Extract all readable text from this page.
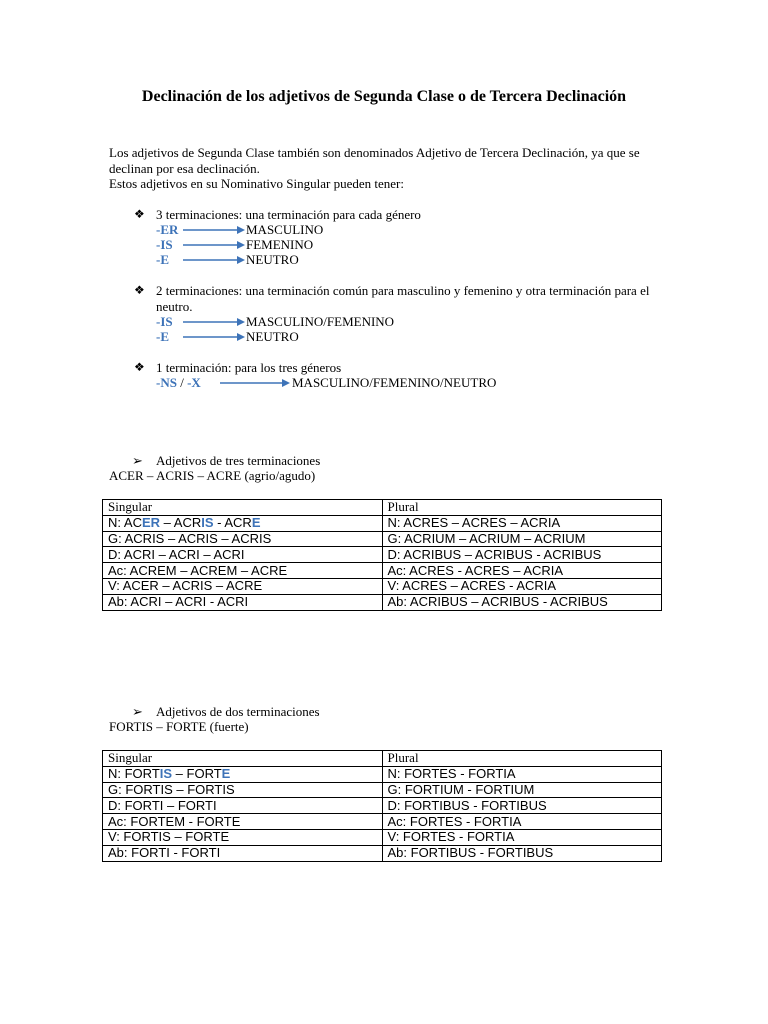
Declinación de los adjetivos de Segunda Clase o de Tercera Declinación
Los adjetivos de Segunda Clase también son denominados Adjetivo de Tercera Declinación, ya que se declinan por esa declinación.
Estos adjetivos en su Nominativo Singular pueden tener:
❖ 3 terminaciones: una terminación para cada género
-ER	MASCULINO
-IS	FEMENINO
-E	NEUTRO
❖ 2 terminaciones: una terminación común para masculino y femenino y otra terminación para el neutro.
-IS	MASCULINO/FEMENINO
-E	NEUTRO
❖ 1 terminación: para los tres géneros
-NS / -X	MASCULINO/FEMENINO/NEUTRO
➢ Adjetivos de tres terminaciones
ACER – ACRIS – ACRE (agrio/agudo)
Singular	Plural
N: ACER – ACRIS - ACRE	N: ACRES – ACRES – ACRIA
G: ACRIS – ACRIS – ACRIS	G: ACRIUM – ACRIUM – ACRIUM
D: ACRI – ACRI – ACRI	D: ACRIBUS – ACRIBUS - ACRIBUS
Ac: ACREM – ACREM – ACRE	Ac: ACRES - ACRES – ACRIA
V: ACER – ACRIS – ACRE	V: ACRES – ACRES - ACRIA
Ab: ACRI – ACRI - ACRI	Ab: ACRIBUS – ACRIBUS - ACRIBUS
➢ Adjetivos de dos terminaciones
FORTIS – FORTE (fuerte)
Singular	Plural
N: FORTIS – FORTE	N: FORTES - FORTIA
G: FORTIS – FORTIS	G: FORTIUM - FORTIUM
D: FORTI – FORTI	D: FORTIBUS - FORTIBUS
Ac: FORTEM - FORTE	Ac: FORTES - FORTIA
V: FORTIS – FORTE	V: FORTES - FORTIA
Ab: FORTI - FORTI	Ab: FORTIBUS - FORTIBUS
